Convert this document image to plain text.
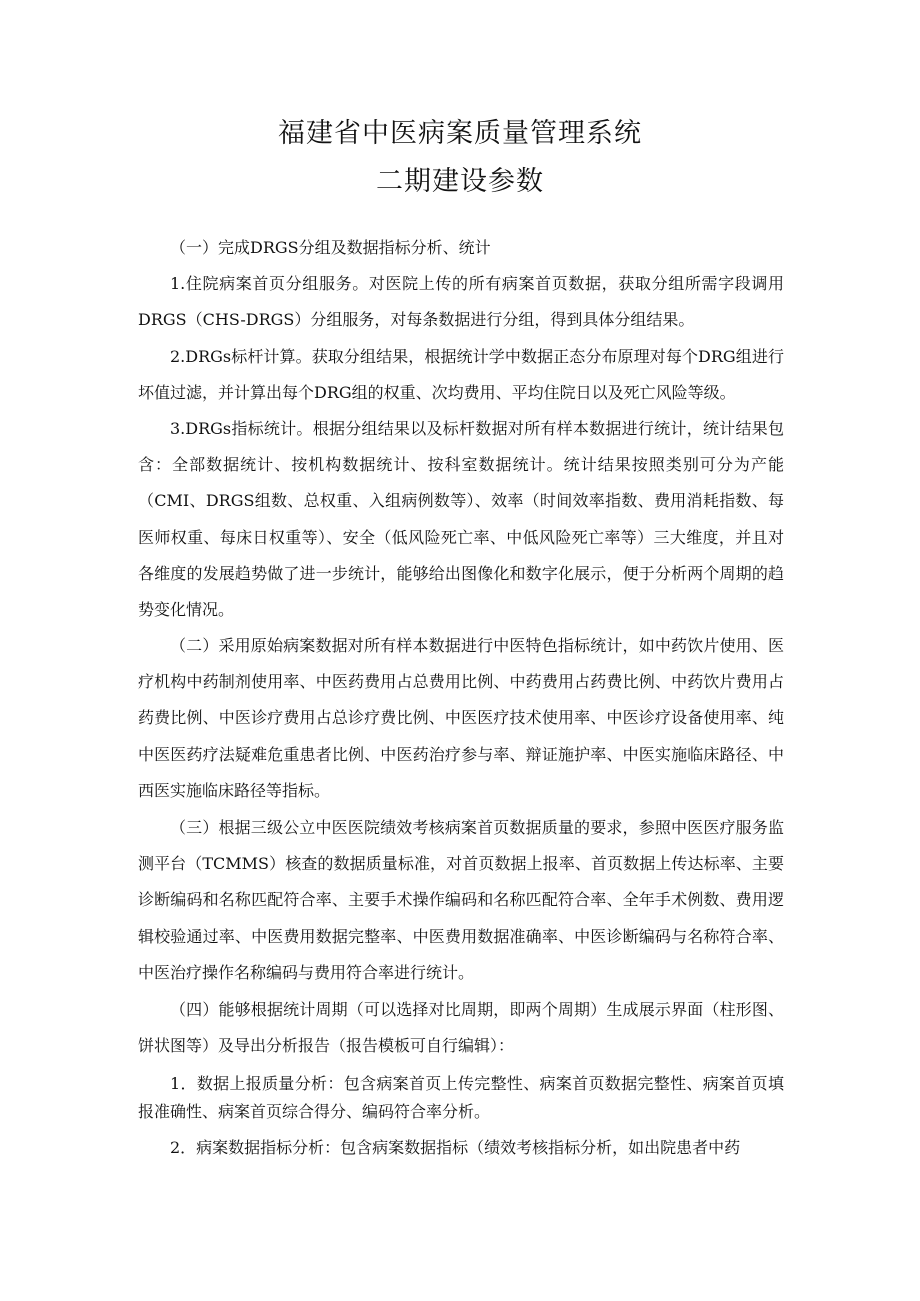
福建省中医病案质量管理系统
二期建设参数

（一）完成DRGS分组及数据指标分析、统计

1.住院病案首页分组服务。对医院上传的所有病案首页数据，获取分组所需字段调用DRGS（CHS-DRGS）分组服务，对每条数据进行分组，得到具体分组结果。

2.DRGs标杆计算。获取分组结果，根据统计学中数据正态分布原理对每个DRG组进行坏值过滤，并计算出每个DRG组的权重、次均费用、平均住院日以及死亡风险等级。

3.DRGs指标统计。根据分组结果以及标杆数据对所有样本数据进行统计，统计结果包含：全部数据统计、按机构数据统计、按科室数据统计。统计结果按照类别可分为产能（CMI、DRGS组数、总权重、入组病例数等）、效率（时间效率指数、费用消耗指数、每医师权重、每床日权重等）、安全（低风险死亡率、中低风险死亡率等）三大维度，并且对各维度的发展趋势做了进一步统计，能够给出图像化和数字化展示，便于分析两个周期的趋势变化情况。

（二）采用原始病案数据对所有样本数据进行中医特色指标统计，如中药饮片使用、医疗机构中药制剂使用率、中医药费用占总费用比例、中药费用占药费比例、中药饮片费用占药费比例、中医诊疗费用占总诊疗费比例、中医医疗技术使用率、中医诊疗设备使用率、纯中医医药疗法疑难危重患者比例、中医药治疗参与率、辩证施护率、中医实施临床路径、中西医实施临床路径等指标。

（三）根据三级公立中医医院绩效考核病案首页数据质量的要求，参照中医医疗服务监测平台（TCMMS）核查的数据质量标准，对首页数据上报率、首页数据上传达标率、主要诊断编码和名称匹配符合率、主要手术操作编码和名称匹配符合率、全年手术例数、费用逻辑校验通过率、中医费用数据完整率、中医费用数据准确率、中医诊断编码与名称符合率、中医治疗操作名称编码与费用符合率进行统计。

（四）能够根据统计周期（可以选择对比周期，即两个周期）生成展示界面（柱形图、饼状图等）及导出分析报告（报告模板可自行编辑）：

1．数据上报质量分析：包含病案首页上传完整性、病案首页数据完整性、病案首页填报准确性、病案首页综合得分、编码符合率分析。

2．病案数据指标分析：包含病案数据指标（绩效考核指标分析，如出院患者中药
